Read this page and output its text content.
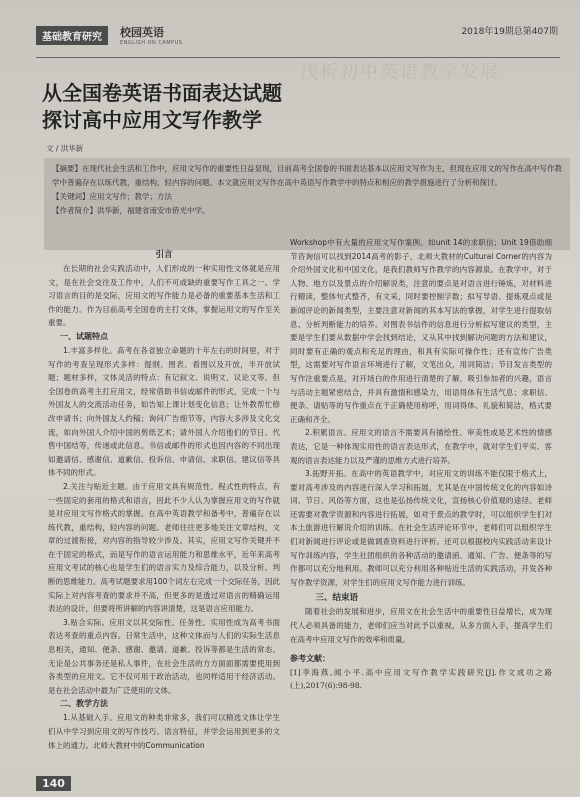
基础教育研究	校园英语
ENGLISH ON CAMPUS
2018年19期总第407期
浅析初中英语教学发展
从全国卷英语书面表达试题
探讨高中应用文写作教学
文 / 洪华新

【摘要】在现代社会生活和工作中，应用文写作的重要性日益显现，目前高考全国卷的书面表达基本以应用文写作为主，但现在应用文的写作在高中写作教学中普遍存在以练代教，重结构，轻内容的问题。本文就应用文写作在高中英语写作教学中的特点和相应的教学措施进行了分析和探讨。

【关键词】应用文写作；教学；方法

【作者简介】洪华新，福建省南安市侨光中学。

引言

在长期的社会实践活动中，人们形成的一种实用性文体就是应用文，是在社会交往及工作中，人们不可或缺的重要写作工具之一。学习语言的目的是交际，应用文的写作能力是必备的重要基本生活和工作的能力。作为目前高考全国卷的主打文体，掌握运用文的写作至关重要。

一、试题特点

1.丰富多样化。高考在各省独立命题的十年左右的时间里，对于写作的考查呈现形式多样：提纲、图表、看图以及开放，半开放试题；题材多样，文体灵活的特点：有记叙文、说明文、议论文等。但全国卷的高考主打应用文，经常借助书信或邮件的形式，完成一个与外国友人的交流活动任务，如告知上课计划变化信息；让外教帮忙修改申请书；向外国友人约稿；询问广告细节等，内容大多涉及文化交流，如向外国人介绍中国的剪纸艺术；请外国人介绍他们的节日、代售中国结等，传递或此信息。书信或邮件的形式也因内容的不同出现如邀请信、感谢信、道歉信、投诉信、申请信、求职信、建议信等具体不同的形式。

2.关注与贴近主题。由于应用文具有规范性、程式性的特点，有一些固定的套用的格式和语言，因此不少人认为掌握应用文的写作就是对应用文写作格式的掌握。在高中英语教学和备考中，普遍存在以练代教，重结构，轻内容的问题。老师往往更多地关注文章结构，文章的过渡衔接，对内容的指导较少涉及。其实，应用文写作关键并不在于固定的格式，而是写作的语言运用能力和思维水平，近年来高考应用文考试的核心也是学生们的语言实力及综合能力，以及分析、判断的思维能力。高考试题要求用100个词左右完成一个交际任务，因此实际上对内容考查的要求并不高，但更多的是透过对语言的精确运用表达的设计，但要将所讲解的内容讲清楚，这是语言应用能力。

3.贴合实际。应用文以其交际性、任务性、实用性成为高考书面表达考查的重点内容。日常生活中，这种文体而与人们的实际生活息息相关，通知、便条、感谢、邀请、道歉、投诉等都是生活的常态。无论是公共事务还是私人事件，在社会生活的方方面面都需要使用到各类型的应用文。它不仅可用于政治活动，也同样适用于经济活动。是在社会活动中最为广泛使用的文体。

二、教学方法

1.从基础入手。应用文的种类非常多，我们可以精选文体让学生们从中学习到应用文的写作技巧、语言特征，并学会运用到更多的文体上的通力。北师大教材中的Communication

Workshop中有大量的应用文写作案例。如unit 14的求职信；Unit 19借助细节咨询信可以找到2014高考的影子，北师大教材的Cultural Corner的内容为介绍外国文化和中国文化，是我们教师写作教学的内容源泉。在教学中，对于人物、地方以及景点的介绍解说类，注意的要点是对语言进行锤炼，对材料进行精读，整体句式整齐，有文采，同时要控制字数；拟写导语、提炼观点或是新闻评论的新闻类型，主要注意对新闻的其本写法的掌握，对学生进行提取信息、分析判断能力的培养。对图表书信件的信息进行分析拟写建议的类型，主要是学生们要从数据中学会找到结论，又从其中找到解决问题的方法和建议，同时要有正确的观点和充足的理由，和具有实际可操作性；还有宣传广告类型，这需要对写作语言环境进行了解，文笔出众，用词简洁；节目发言类型的写作注重要点是，对开场白的作用进行清楚的了解，吸引参加者的兴趣，语言与活动主题紧密结合，并具有激情和感染力，用语得体有生活气息；求职信、便条、请贴等的写作重点在于正确使用称呼，用词得体、礼貌和简洁，格式要正确和齐全。

2.积累语言。应用文的语言不需要具有描绘性、审美性或是艺术性的情感表达，它是一种体现实用性的语言表达形式，在教学中，就对学生们平实、客观的语言表达能力以及严谨的思维方式进行培养。

3.拓野开拓。在高中的英语教学中，对应用文的训练不能仅限于格式上，要对高考涉及的内容进行深入学习和拓展，尤其是在中国传统文化的内容如诗词、节日、风俗等方面，这也是弘扬传统文化，宣扬核心价值观的途径。老师还需要对教学资源和内容进行拓展，如对于景点的教学时，可以组织学生们对本土旅游进行解说介绍的训练。在社会生活评论环节中，老师们可以组织学生们对新闻进行评论或是做调查资料进行评析。还可以根据校内实践活动来设计写作训练内容，学生社团组织的各种活动的邀请函、通知、广告、便条等的写作都可以充分地利用。教师可以充分利用各种贴近生活的实践活动，开发各种写作教学资源，对学生们的应用文写作能力进行训练。

三、结束语

随着社会的发展和进步，应用文在社会生活中的重要性日益增长，成为现代人必须具备的能力，老师们应当对此予以重视，从多方面入手，提高学生们在高考中应用文写作的效率和质量。

参考文献：

[1]李海燕,闻小平.高中应用文写作教学实践研究[J].作文成功之路(上),2017(6):98-98.

140
